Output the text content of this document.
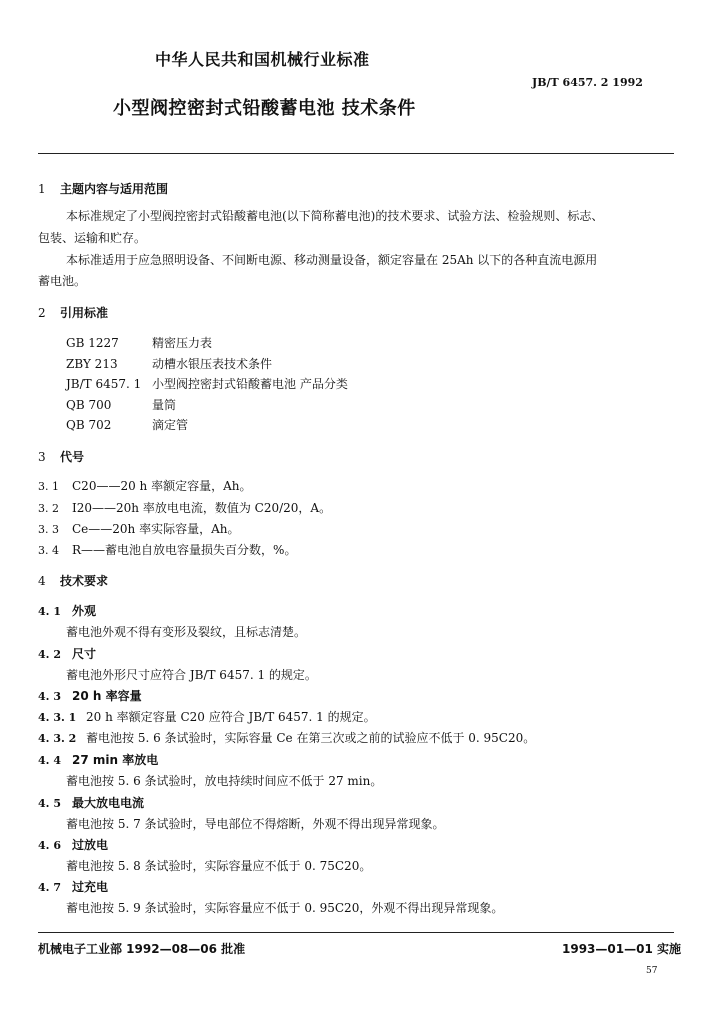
中华人民共和国机械行业标准
JB/T 6457. 2 1992
小型阀控密封式铅酸蓄电池 技术条件
1 主题内容与适用范围
本标准规定了小型阀控密封式铅酸蓄电池(以下简称蓄电池)的技术要求、试验方法、检验规则、标志、
包装、运输和贮存。
本标准适用于应急照明设备、不间断电源、移动测量设备，额定容量在 25Ah 以下的各种直流电源用
蓄电池。
2 引用标准
GB 1227	精密压力表
ZBY 213	动槽水银压表技术条件
JB/T 6457. 1 小型阀控密封式铅酸蓄电池 产品分类
QB 700	量筒
QB 702	滴定管
3 代号
3. 1 C20——20 h 率额定容量，Ah。
3. 2 I20——20h 率放电电流，数值为 C20/20，A。
3. 3 Ce——20h 率实际容量，Ah。
3. 4 R——蓄电池自放电容量损失百分数，%。
4 技术要求
4. 1 外观
蓄电池外观不得有变形及裂纹，且标志清楚。
4. 2 尺寸
蓄电池外形尺寸应符合 JB/T 6457. 1 的规定。
4. 3 20 h 率容量
4. 3. 1 20 h 率额定容量 C20 应符合 JB/T 6457. 1 的规定。
4. 3. 2 蓄电池按 5. 6 条试验时，实际容量 Ce 在第三次或之前的试验应不低于 0. 95C20。
4. 4 27 min 率放电
蓄电池按 5. 6 条试验时，放电持续时间应不低于 27 min。
4. 5 最大放电电流
蓄电池按 5. 7 条试验时，导电部位不得熔断，外观不得出现异常现象。
4. 6 过放电
蓄电池按 5. 8 条试验时，实际容量应不低于 0. 75C20。
4. 7 过充电
蓄电池按 5. 9 条试验时，实际容量应不低于 0. 95C20，外观不得出现异常现象。
机械电子工业部 1992—08—06 批准	1993—01—01 实施
57
